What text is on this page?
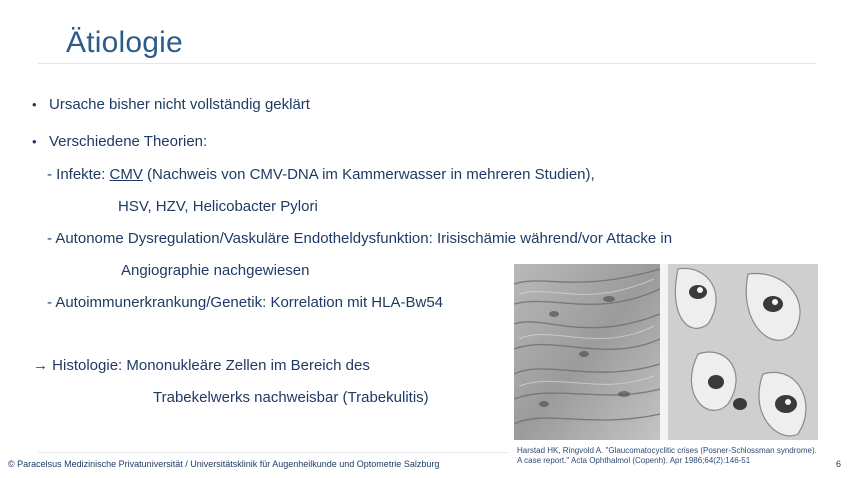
Ätiologie
• Ursache bisher nicht vollständig geklärt
• Verschiedene Theorien:
- Infekte: CMV (Nachweis von CMV-DNA im Kammerwasser in mehreren Studien),
HSV, HZV, Helicobacter Pylori
- Autonome Dysregulation/Vaskuläre Endotheldysfunktion: Irisischämie während/vor Attacke in
Angiographie nachgewiesen
- Autoimmunerkrankung/Genetik: Korrelation mit HLA-Bw54
→ Histologie: Mononukleäre Zellen im Bereich des
Trabekelwerks nachweisbar (Trabekulitis)
Harstad HK, Ringvold A. "Glaucomatocyclitic crises (Posner-Schlossman syndrome).
A case report." Acta Ophthalmol (Copenh). Apr 1986;64(2):146-51
© Paracelsus Medizinische Privatuniversität / Universitätsklinik für Augenheilkunde und Optometrie Salzburg	6
